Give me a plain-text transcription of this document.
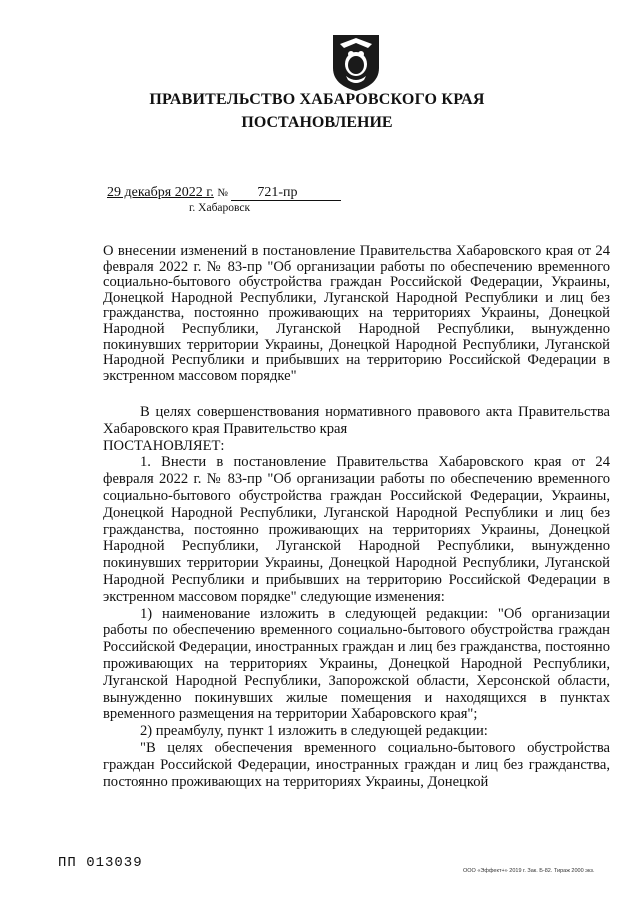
ПРАВИТЕЛЬСТВО ХАБАРОВСКОГО КРАЯ
ПОСТАНОВЛЕНИЕ
29 декабря 2022 г. № 721-пр
г. Хабаровск
О внесении изменений в постановление Правительства Хабаровского края от 24 февраля 2022 г. № 83-пр "Об организации работы по обеспечению временного социально-бытового обустройства граждан Российской Федерации, Украины, Донецкой Народной Республики, Луганской Народной Республики и лиц без гражданства, постоянно проживающих на территориях Украины, Донецкой Народной Республики, Луганской Народной Республики, вынужденно покинувших территории Украины, Донецкой Народной Республики, Луганской Народной Республики и прибывших на территорию Российской Федерации в экстренном массовом порядке"

В целях совершенствования нормативного правового акта Правительства Хабаровского края Правительство края

ПОСТАНОВЛЯЕТ:

1. Внести в постановление Правительства Хабаровского края от 24 февраля 2022 г. № 83-пр "Об организации работы по обеспечению временного социально-бытового обустройства граждан Российской Федерации, Украины, Донецкой Народной Республики, Луганской Народной Республики и лиц без гражданства, постоянно проживающих на территориях Украины, Донецкой Народной Республики, Луганской Народной Республики, вынужденно покинувших территории Украины, Донецкой Народной Республики, Луганской Народной Республики и прибывших на территорию Российской Федерации в экстренном массовом порядке" следующие изменения:

1) наименование изложить в следующей редакции: "Об организации работы по обеспечению временного социально-бытового обустройства граждан Российской Федерации, иностранных граждан и лиц без гражданства, постоянно проживающих на территориях Украины, Донецкой Народной Республики, Луганской Народной Республики, Запорожской области, Херсонской области, вынужденно покинувших жилые помещения и находящихся в пунктах временного размещения на территории Хабаровского края";

2) преамбулу, пункт 1 изложить в следующей редакции:

"В целях обеспечения временного социально-бытового обустройства граждан Российской Федерации, иностранных граждан и лиц без гражданства, постоянно проживающих на территориях Украины, Донецкой

ПП 013039	ООО «Эффект+» 2019 г. Зак. Б-82. Тираж 2000 экз.
